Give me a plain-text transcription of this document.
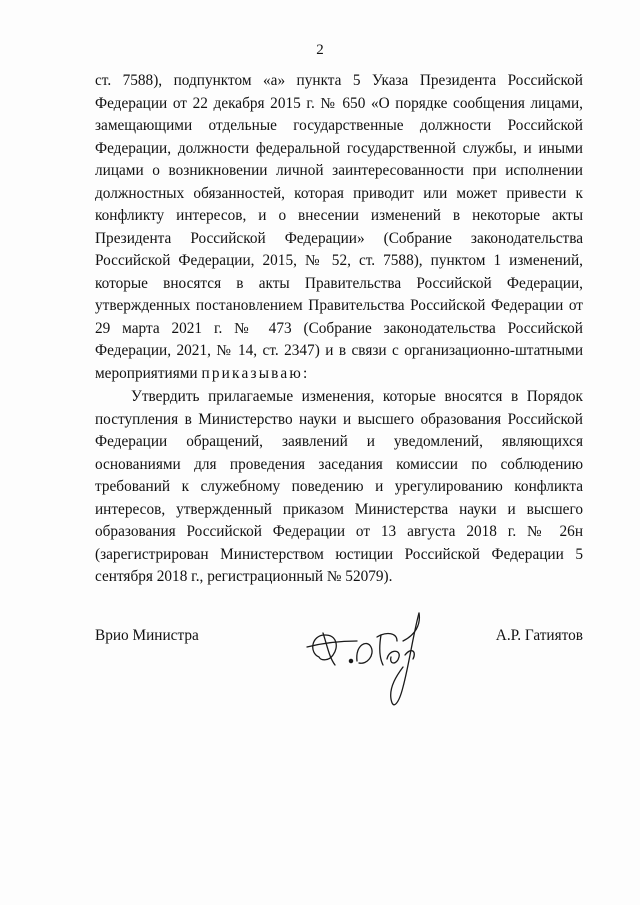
2

ст. 7588), подпунктом «а» пункта 5 Указа Президента Российской Федерации от 22 декабря 2015 г. № 650 «О порядке сообщения лицами, замещающими отдельные государственные должности Российской Федерации, должности федеральной государственной службы, и иными лицами о возникновении личной заинтересованности при исполнении должностных обязанностей, которая приводит или может привести к конфликту интересов, и о внесении изменений в некоторые акты Президента Российской Федерации» (Собрание законодательства Российской Федерации, 2015, № 52, ст. 7588), пунктом 1 изменений, которые вносятся в акты Правительства Российской Федерации, утвержденных постановлением Правительства Российской Федерации от 29 марта 2021 г. № 473 (Собрание законодательства Российской Федерации, 2021, № 14, ст. 2347) и в связи с организационно-штатными мероприятиями приказываю:

Утвердить прилагаемые изменения, которые вносятся в Порядок поступления в Министерство науки и высшего образования Российской Федерации обращений, заявлений и уведомлений, являющихся основаниями для проведения заседания комиссии по соблюдению требований к служебному поведению и урегулированию конфликта интересов, утвержденный приказом Министерства науки и высшего образования Российской Федерации от 13 августа 2018 г. № 26н (зарегистрирован Министерством юстиции Российской Федерации 5 сентября 2018 г., регистрационный № 52079).

Врио Министра	А.Р. Гатиятов
